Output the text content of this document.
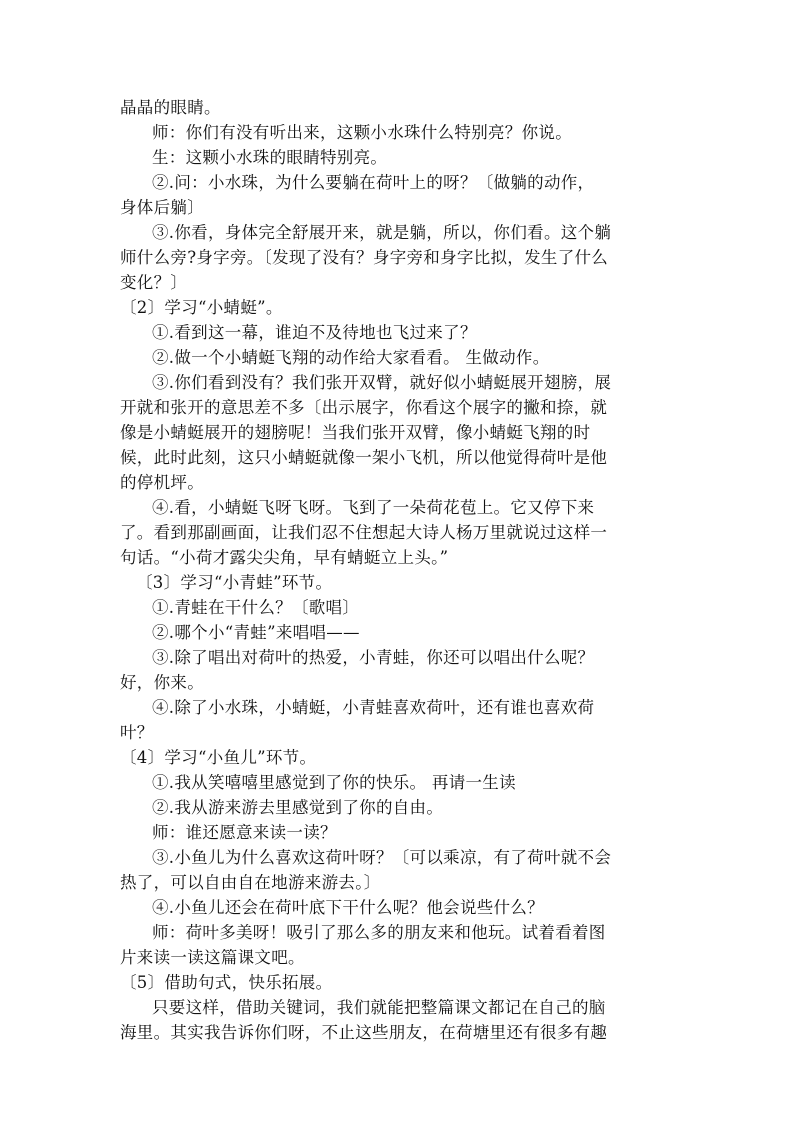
晶晶的眼睛。
师：你们有没有听出来，这颗小水珠什么特别亮？你说。
生：这颗小水珠的眼睛特别亮。
②.问：小水珠，为什么要躺在荷叶上的呀？〔做躺的动作，
身体后躺〕
③.你看，身体完全舒展开来，就是躺，所以，你们看。这个躺
师什么旁?身字旁。〔发现了没有？身字旁和身字比拟，发生了什么
变化？〕
〔2〕学习“小蜻蜓”。
①.看到这一幕，谁迫不及待地也飞过来了？
②.做一个小蜻蜓飞翔的动作给大家看看。 生做动作。
③.你们看到没有？我们张开双臂，就好似小蜻蜓展开翅膀，展
开就和张开的意思差不多〔出示展字，你看这个展字的撇和捺，就
像是小蜻蜓展开的翅膀呢！当我们张开双臂，像小蜻蜓飞翔的时
候，此时此刻，这只小蜻蜓就像一架小飞机，所以他觉得荷叶是他
的停机坪。
④.看，小蜻蜓飞呀飞呀。飞到了一朵荷花苞上。它又停下来
了。看到那副画面，让我们忍不住想起大诗人杨万里就说过这样一
句话。“小荷才露尖尖角，早有蜻蜓立上头。”
〔3〕学习“小青蛙”环节。
①.青蛙在干什么？〔歌唱〕
②.哪个小“青蛙”来唱唱——
③.除了唱出对荷叶的热爱，小青蛙，你还可以唱出什么呢？
好，你来。
④.除了小水珠，小蜻蜓，小青蛙喜欢荷叶，还有谁也喜欢荷
叶？
〔4〕学习“小鱼儿”环节。
①.我从笑嘻嘻里感觉到了你的快乐。 再请一生读
②.我从游来游去里感觉到了你的自由。
师：谁还愿意来读一读？
③.小鱼儿为什么喜欢这荷叶呀？〔可以乘凉，有了荷叶就不会
热了，可以自由自在地游来游去。〕
④.小鱼儿还会在荷叶底下干什么呢？他会说些什么？
师：荷叶多美呀！吸引了那么多的朋友来和他玩。试着看着图
片来读一读这篇课文吧。
〔5〕借助句式，快乐拓展。
只要这样，借助关键词，我们就能把整篇课文都记在自己的脑
海里。其实我告诉你们呀，不止这些朋友，在荷塘里还有很多有趣
